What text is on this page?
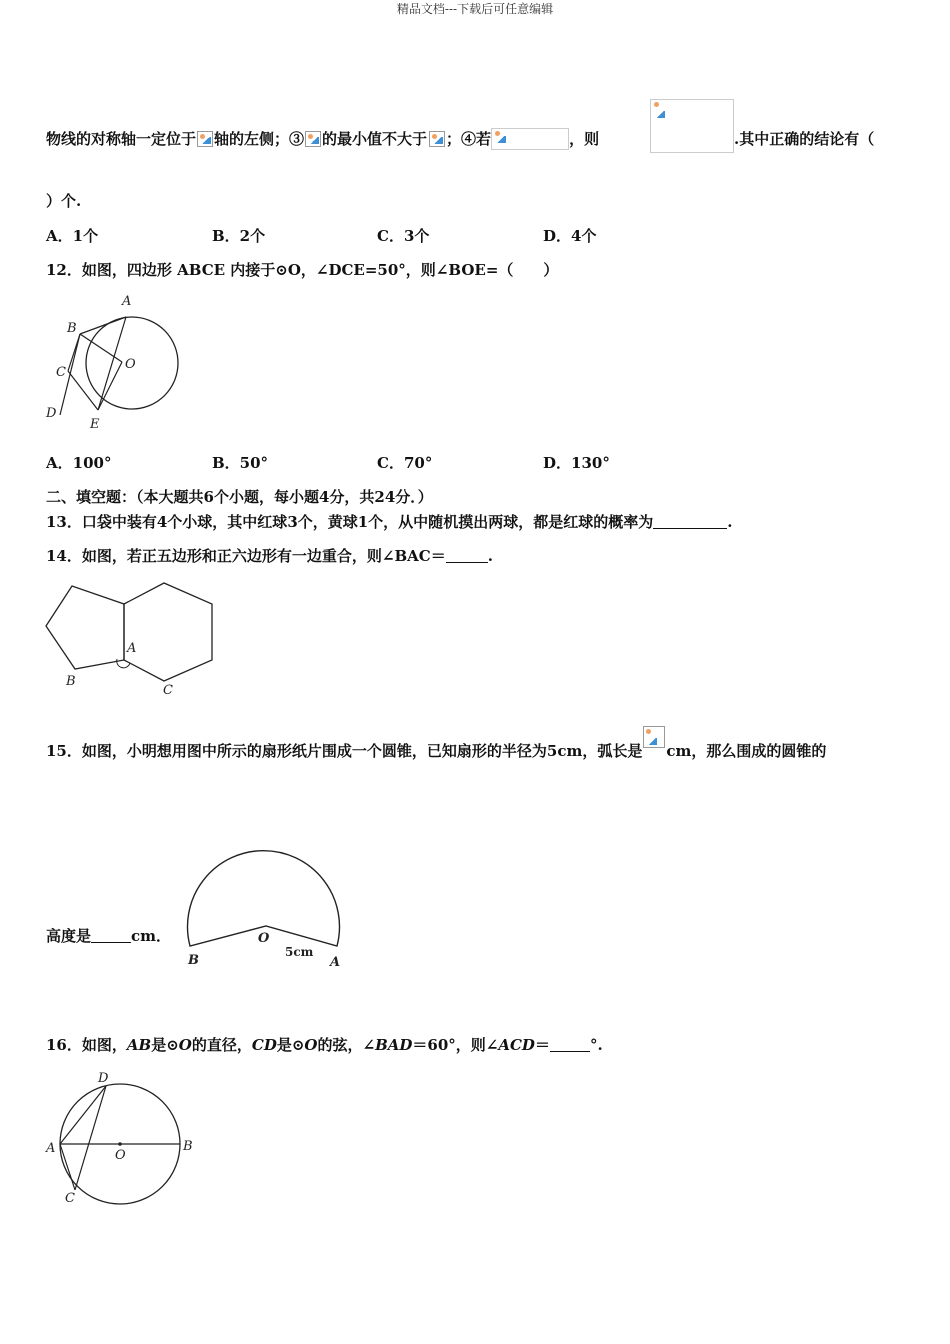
精品文档---下载后可任意编辑
物线的对称轴一定位于 轴的左侧；③ 的最小值不大于 ；④若	，则	.其中正确的结论有（
）个.
A．1个	B．2个	C．3个	D．4个
12．如图，四边形 ABCE 内接于⊙O，∠DCE=50°，则∠BOE=（　　）
A
B
C
D
E
O
A．100°	B．50°	C．70°	D．130°
二、填空题：（本大题共6个小题，每小题4分，共24分．）
13．口袋中装有4个小球，其中红球3个，黄球1个，从中随机摸出两球，都是红球的概率为	.
14．如图，若正五边形和正六边形有一边重合，则∠BAC＝	.
A
B
C
15．如图，小明想用图中所示的扇形纸片围成一个圆锥，已知扇形的半径为5cm，弧长是 cm，那么围成的圆锥的
高度是	cm．	O
B	A
5cm
16．如图，AB是⊙O的直径，CD是⊙O的弦，∠BAD＝60°，则∠ACD＝	°.
D
A	B
C
O
